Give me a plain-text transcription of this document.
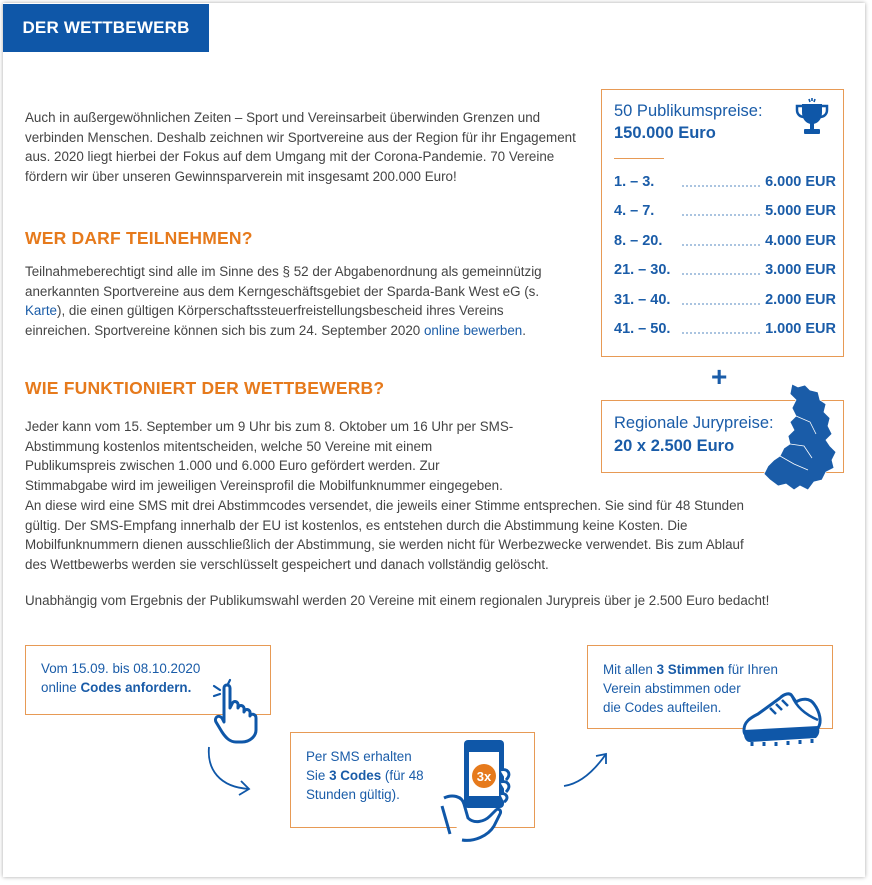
DER WETTBEWERB
Auch in außergewöhnlichen Zeiten – Sport und Vereinsarbeit überwinden Grenzen und verbinden Menschen. Deshalb zeichnen wir Sportvereine aus der Region für ihr Engagement aus. 2020 liegt hierbei der Fokus auf dem Umgang mit der Corona-Pandemie. 70 Vereine fördern wir über unseren Gewinnsparverein mit insgesamt 200.000 Euro!
WER DARF TEILNEHMEN?
Teilnahmeberechtigt sind alle im Sinne des § 52 der Abgabenordnung als gemeinnützig anerkannten Sportvereine aus dem Kerngeschäftsgebiet der Sparda-Bank West eG (s. Karte), die einen gültigen Körperschaftssteuerfreistellungsbescheid ihres Vereins einreichen. Sportvereine können sich bis zum 24. September 2020 online bewerben.
WIE FUNKTIONIERT DER WETTBEWERB?
Jeder kann vom 15. September um 9 Uhr bis zum 8. Oktober um 16 Uhr per SMS-
Abstimmung kostenlos mitentscheiden, welche 50 Vereine mit einem
Publikumspreis zwischen 1.000 und 6.000 Euro gefördert werden. Zur
Stimmabgabe wird im jeweiligen Vereinsprofil die Mobilfunknummer eingegeben.
An diese wird eine SMS mit drei Abstimmcodes versendet, die jeweils einer Stimme entsprechen. Sie sind für 48 Stunden
gültig. Der SMS-Empfang innerhalb der EU ist kostenlos, es entstehen durch die Abstimmung keine Kosten. Die
Mobilfunknummern dienen ausschließlich der Abstimmung, sie werden nicht für Werbezwecke verwendet. Bis zum Ablauf
des Wettbewerbs werden sie verschlüsselt gespeichert und danach vollständig gelöscht.
Unabhängig vom Ergebnis der Publikumswahl werden 20 Vereine mit einem regionalen Jurypreis über je 2.500 Euro bedacht!
50 Publikumspreise:
150.000 Euro
1. – 3.	6.000 EUR
4. – 7.	5.000 EUR
8. – 20.	4.000 EUR
21. – 30.	3.000 EUR
31. – 40.	2.000 EUR
41. – 50.	1.000 EUR
+
Regionale Jurypreise:
20 x 2.500 Euro
Vom 15.09. bis 08.10.2020
online Codes anfordern.
Per SMS erhalten
Sie 3 Codes (für 48
Stunden gültig).
3x
Mit allen 3 Stimmen für Ihren
Verein abstimmen oder
die Codes aufteilen.
